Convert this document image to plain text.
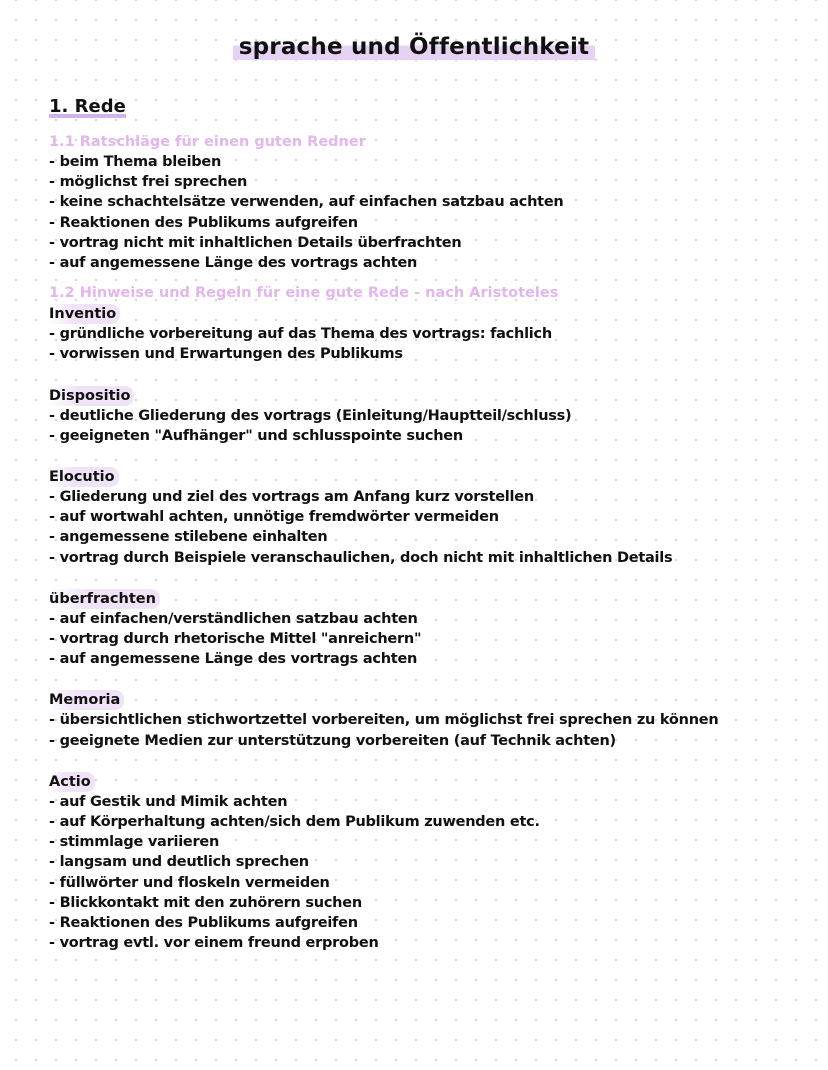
sprache und Öffentlichkeit
1. Rede
1.1 Ratschläge für einen guten Redner
- beim Thema bleiben
- möglichst frei sprechen
- keine schachtelsätze verwenden, auf einfachen satzbau achten
- Reaktionen des Publikums aufgreifen
- vortrag nicht mit inhaltlichen Details überfrachten
- auf angemessene Länge des vortrags achten
1.2 Hinweise und Regeln für eine gute Rede - nach Aristoteles
Inventio
- gründliche vorbereitung auf das Thema des vortrags: fachlich
- vorwissen und Erwartungen des Publikums
Dispositio
- deutliche Gliederung des vortrags (Einleitung/Hauptteil/schluss)
- geeigneten "Aufhänger" und schlusspointe suchen
Elocutio
- Gliederung und ziel des vortrags am Anfang kurz vorstellen
- auf wortwahl achten, unnötige fremdwörter vermeiden
- angemessene stilebene einhalten
- vortrag durch Beispiele veranschaulichen, doch nicht mit inhaltlichen Details
überfrachten
- auf einfachen/verständlichen satzbau achten
- vortrag durch rhetorische Mittel "anreichern"
- auf angemessene Länge des vortrags achten
Memoria
- übersichtlichen stichwortzettel vorbereiten, um möglichst frei sprechen zu können
- geeignete Medien zur unterstützung vorbereiten (auf Technik achten)
Actio
- auf Gestik und Mimik achten
- auf Körperhaltung achten/sich dem Publikum zuwenden etc.
- stimmlage variieren
- langsam und deutlich sprechen
- füllwörter und floskeln vermeiden
- Blickkontakt mit den zuhörern suchen
- Reaktionen des Publikums aufgreifen
- vortrag evtl. vor einem freund erproben
